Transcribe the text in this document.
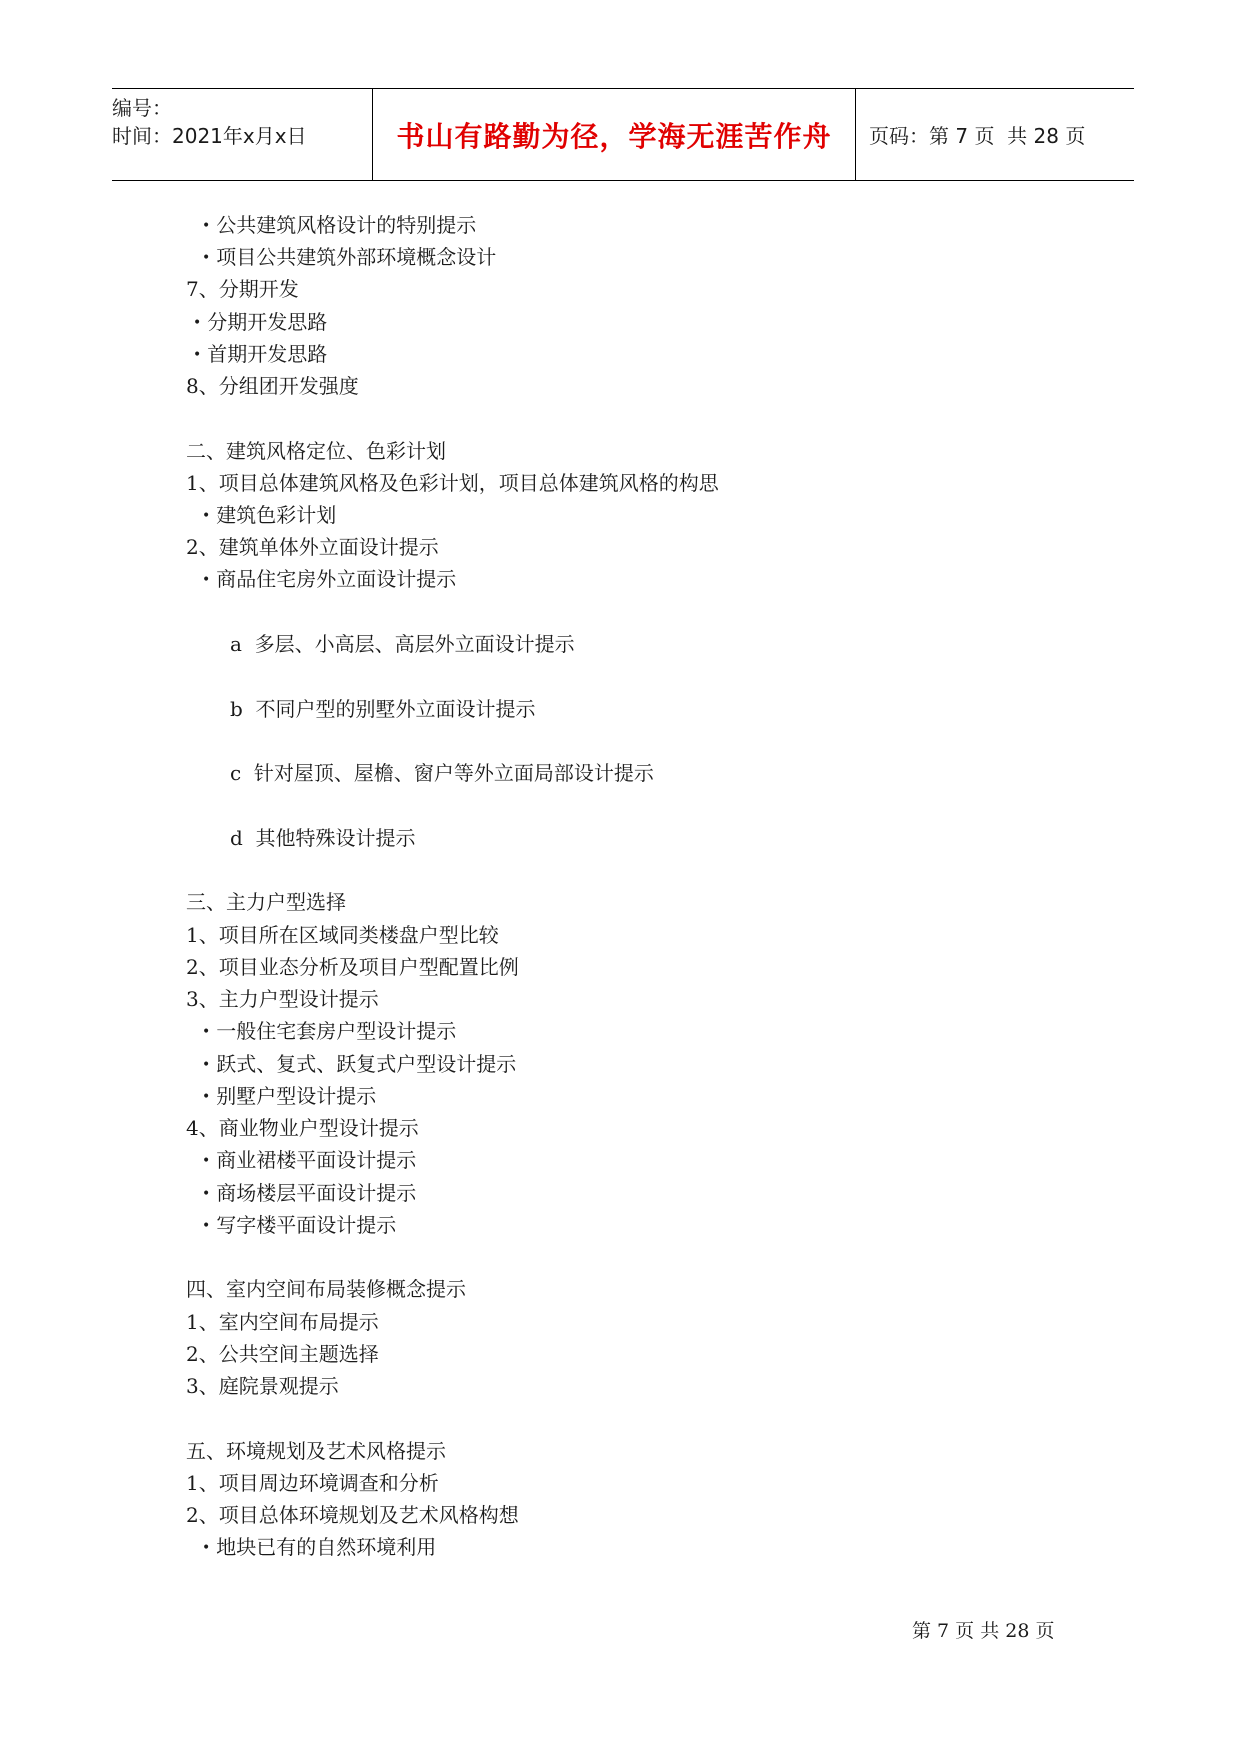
编号：
时间：2021年x月x日	书山有路勤为径，学海无涯苦作舟 页码：第 7 页  共 28 页
• 公共建筑风格设计的特别提示
• 项目公共建筑外部环境概念设计
7、分期开发
• 分期开发思路
• 首期开发思路
8、分组团开发强度
二、建筑风格定位、色彩计划
1、项目总体建筑风格及色彩计划，项目总体建筑风格的构思
• 建筑色彩计划
2、建筑单体外立面设计提示
• 商品住宅房外立面设计提示
a  多层、小高层、高层外立面设计提示
b  不同户型的别墅外立面设计提示
c  针对屋顶、屋檐、窗户等外立面局部设计提示
d  其他特殊设计提示
三、主力户型选择
1、项目所在区域同类楼盘户型比较
2、项目业态分析及项目户型配置比例
3、主力户型设计提示
• 一般住宅套房户型设计提示
• 跃式、复式、跃复式户型设计提示
• 别墅户型设计提示
4、商业物业户型设计提示
• 商业裙楼平面设计提示
• 商场楼层平面设计提示
• 写字楼平面设计提示
四、室内空间布局装修概念提示
1、室内空间布局提示
2、公共空间主题选择
3、庭院景观提示
五、环境规划及艺术风格提示
1、项目周边环境调查和分析
2、项目总体环境规划及艺术风格构想
• 地块已有的自然环境利用
第 7 页 共 28 页
